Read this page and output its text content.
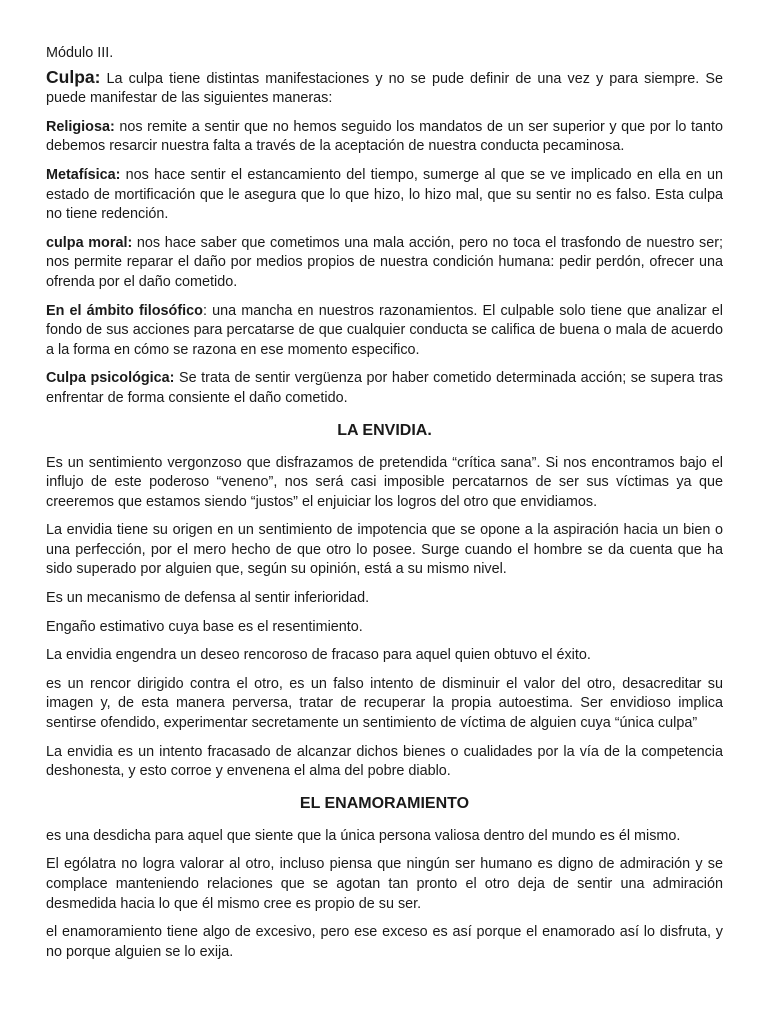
Módulo III.

Culpa: La culpa tiene distintas manifestaciones y no se pude definir de una vez y para siempre. Se puede manifestar de las siguientes maneras:

Religiosa: nos remite a sentir que no hemos seguido los mandatos de un ser superior y que por lo tanto debemos resarcir nuestra falta a través de la aceptación de nuestra conducta pecaminosa.

Metafísica: nos hace sentir el estancamiento del tiempo, sumerge al que se ve implicado en ella en un estado de mortificación que le asegura que lo que hizo, lo hizo mal, que su sentir no es falso. Esta culpa no tiene redención.

culpa moral: nos hace saber que cometimos una mala acción, pero no toca el trasfondo de nuestro ser; nos permite reparar el daño por medios propios de nuestra condición humana: pedir perdón, ofrecer una ofrenda por el daño cometido.

En el ámbito filosófico: una mancha en nuestros razonamientos. El culpable solo tiene que analizar el fondo de sus acciones para percatarse de que cualquier conducta se califica de buena o mala de acuerdo a la forma en cómo se razona en ese momento especifico.

Culpa psicológica: Se trata de sentir vergüenza por haber cometido determinada acción; se supera tras enfrentar de forma consiente el daño cometido.

LA ENVIDIA.

Es un sentimiento vergonzoso que disfrazamos de pretendida “crítica sana”. Si nos encontramos bajo el influjo de este poderoso “veneno”, nos será casi imposible percatarnos de ser sus víctimas ya que creeremos que estamos siendo “justos” el enjuiciar los logros del otro que envidiamos.

La envidia tiene su origen en un sentimiento de impotencia que se opone a la aspiración hacia un bien o una perfección, por el mero hecho de que otro lo posee. Surge cuando el hombre se da cuenta que ha sido superado por alguien que, según su opinión, está a su mismo nivel.

Es un mecanismo de defensa al sentir inferioridad.

Engaño estimativo cuya base es el resentimiento.

La envidia engendra un deseo rencoroso de fracaso para aquel quien obtuvo el éxito.

es un rencor dirigido contra el otro, es un falso intento de disminuir el valor del otro, desacreditar su imagen y, de esta manera perversa, tratar de recuperar la propia autoestima. Ser envidioso implica sentirse ofendido, experimentar secretamente un sentimiento de víctima de alguien cuya “única culpa”

La envidia es un intento fracasado de alcanzar dichos bienes o cualidades por la vía de la competencia deshonesta, y esto corroe y envenena el alma del pobre diablo.

EL ENAMORAMIENTO

es una desdicha para aquel que siente que la única persona valiosa dentro del mundo es él mismo.

El ególatra no logra valorar al otro, incluso piensa que ningún ser humano es digno de admiración y se complace manteniendo relaciones que se agotan tan pronto el otro deja de sentir una admiración desmedida hacia lo que él mismo cree es propio de su ser.

el enamoramiento tiene algo de excesivo, pero ese exceso es así porque el enamorado así lo disfruta, y no porque alguien se lo exija.
